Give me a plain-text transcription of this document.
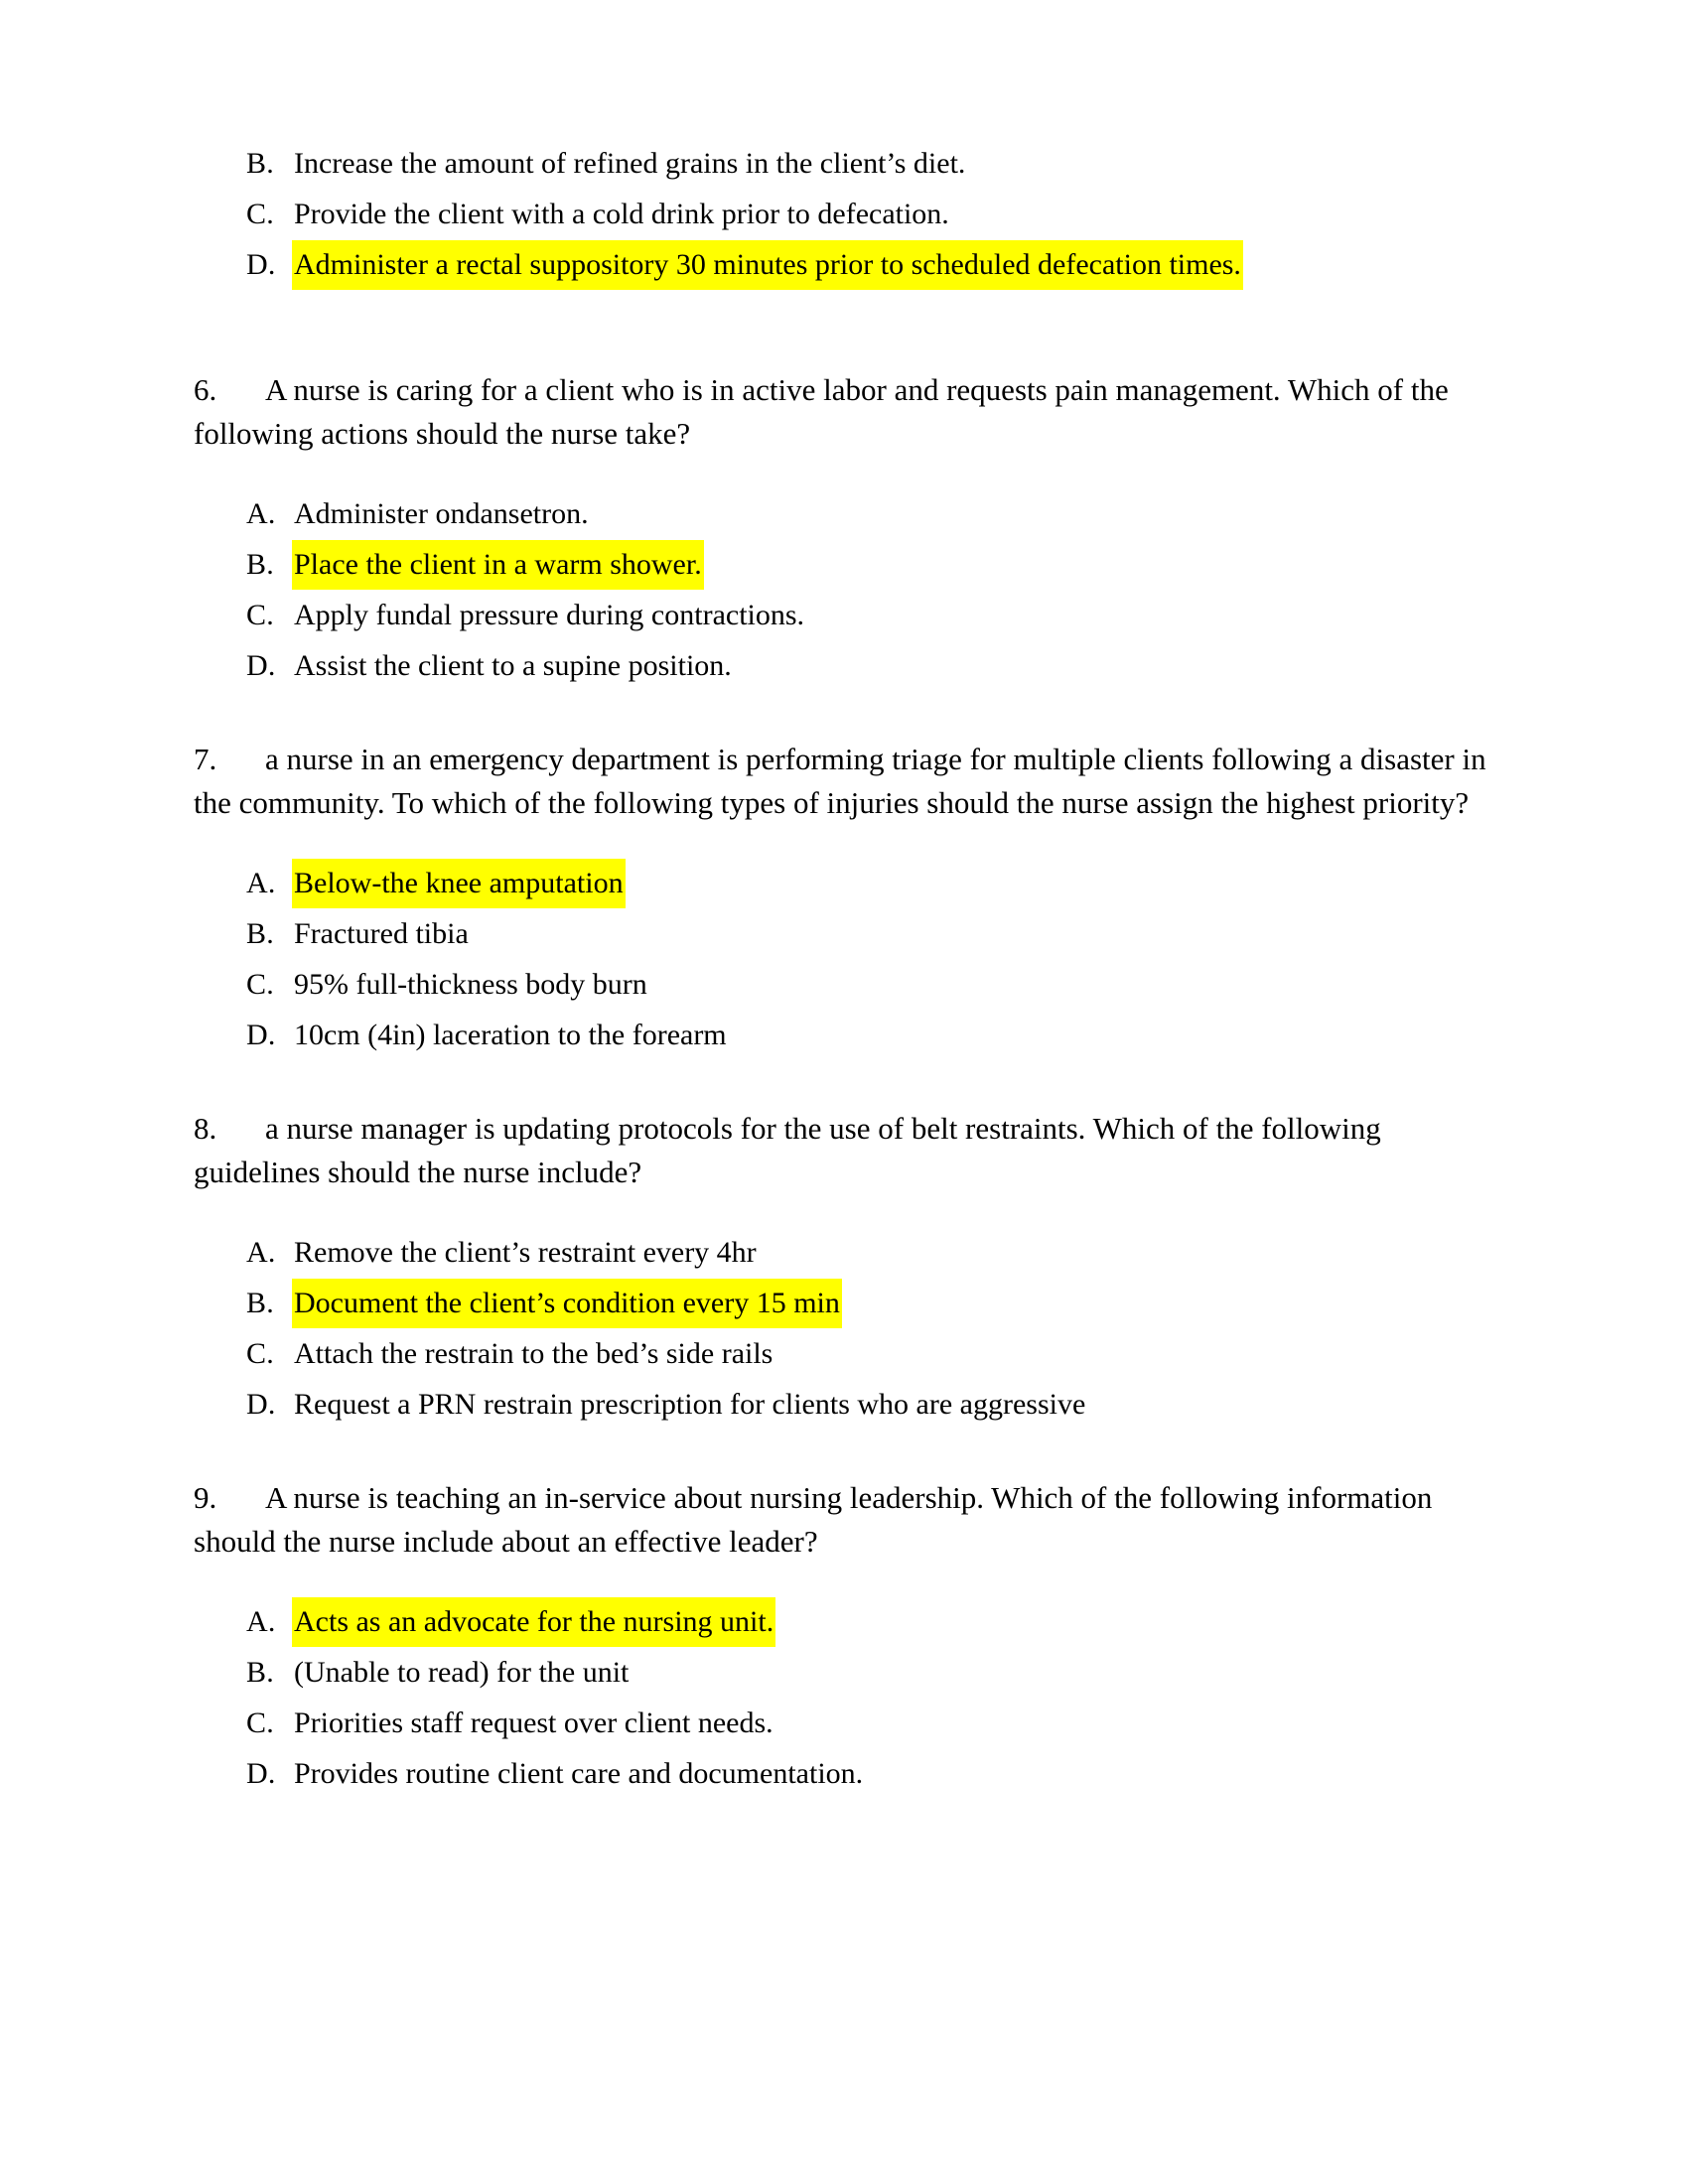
B. Increase the amount of refined grains in the client’s diet.
C. Provide the client with a cold drink prior to defecation.
D. Administer a rectal suppository 30 minutes prior to scheduled defecation times.

6. A nurse is caring for a client who is in active labor and requests pain management. Which of the following actions should the nurse take?

A. Administer ondansetron.
B. Place the client in a warm shower.
C. Apply fundal pressure during contractions.
D. Assist the client to a supine position.

7. a nurse in an emergency department is performing triage for multiple clients following a disaster in the community. To which of the following types of injuries should the nurse assign the highest priority?

A. Below-the knee amputation
B. Fractured tibia
C. 95% full-thickness body burn
D. 10cm (4in) laceration to the forearm

8. a nurse manager is updating protocols for the use of belt restraints. Which of the following guidelines should the nurse include?

A. Remove the client’s restraint every 4hr
B. Document the client’s condition every 15 min
C. Attach the restrain to the bed’s side rails
D. Request a PRN restrain prescription for clients who are aggressive

9. A nurse is teaching an in-service about nursing leadership. Which of the following information should the nurse include about an effective leader?

A. Acts as an advocate for the nursing unit.
B. (Unable to read) for the unit
C. Priorities staff request over client needs.
D. Provides routine client care and documentation.
